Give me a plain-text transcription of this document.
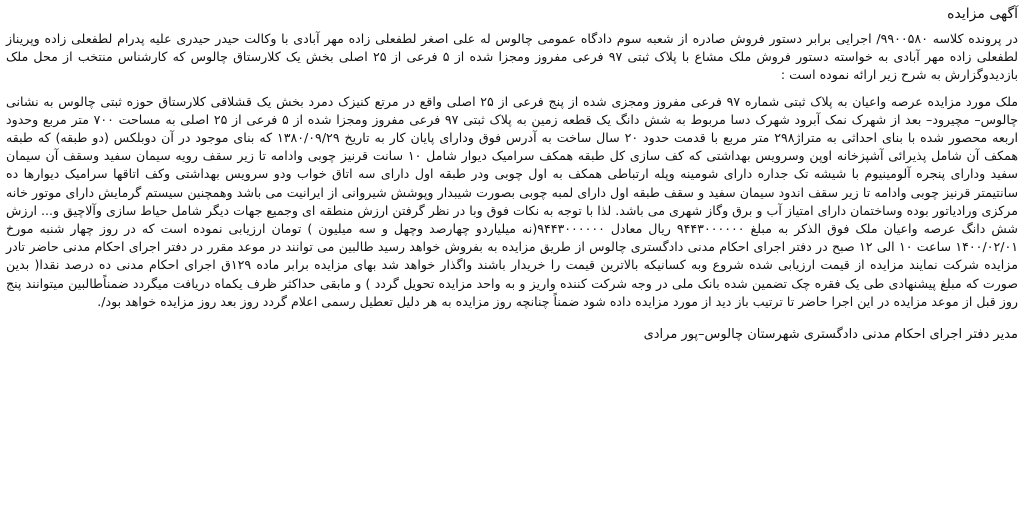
آگهی مزایده

در پرونده کلاسه ۹۹۰۰۵۸۰/ اجرایی برابر دستور فروش صادره از شعبه سوم دادگاه عمومی چالوس له علی اصغر لطفعلی زاده مهر آبادی با وکالت حیدر حیدری علیه پدرام لطفعلی زاده وپریناز لطفعلی زاده مهر آبادی به خواسته دستور فروش ملک مشاع با پلاک ثبتی ۹۷ فرعی مفروز ومجزا شده از ۵ فرعی از ۲۵ اصلی بخش یک کلارستاق چالوس که کارشناس منتخب از محل ملک بازدیدوگزارش به شرح زیر ارائه نموده است :

ملک مورد مزایده عرصه واعیان به پلاک ثبتی شماره ۹۷ فرعی مفروز ومجزی شده از پنج فرعی از ۲۵ اصلی واقع در مرتع کنیزک دمرد بخش یک قشلاقی کلارستاق حوزه ثبتی چالوس به نشانی چالوس– مچیرود– بعد از شهرک نمک آبرود شهرک دسا مربوط به شش دانگ یک قطعه زمین به پلاک ثبتی ۹۷ فرعی مفروز ومجزا شده از ۵ فرعی از ۲۵ اصلی به مساحت ۷۰۰ متر مربع وحدود اربعه محصور شده با بنای احداثی به متراژ۲۹۸ متر مربع با قدمت حدود ۲۰ سال ساخت به آدرس فوق ودارای پایان کار به تاریخ ۱۳۸۰/۰۹/۲۹ که بنای موجود در آن دوبلکس (دو طبقه) که طبقه همکف آن شامل پذیرائی آشپزخانه اوپن وسرویس بهداشتی که کف سازی کل طبقه همکف سرامیک دیوار شامل ۱۰ سانت قرنیز چوبی وادامه تا زیر سقف رویه سیمان سفید وسقف آن سیمان سفید ودارای پنجره آلومینیوم با شیشه تک جداره دارای شومینه وپله ارتباطی همکف به اول چوبی ودر طبقه اول دارای سه اتاق خواب ودو سرویس بهداشتی وکف اتاقها سرامیک دیوارها ده سانتیمتر قرنیز چوبی وادامه تا زیر سقف اندود سیمان سفید و سقف طبقه اول دارای لمبه چوبی بصورت شیبدار وپوشش شیروانی از ایرانیت می باشد وهمچنین سیستم گرمایش دارای موتور خانه مرکزی ورادیاتور بوده وساختمان دارای امتیاز آب و برق وگاز شهری می باشد. لذا با توجه به نکات فوق وبا در نظر گرفتن ارزش منطقه ای وجمیع جهات دیگر شامل حیاط سازی وآلاچیق و... ارزش شش دانگ عرصه واعیان ملک فوق الذکر به مبلغ ۹۴۴۳۰۰۰۰۰۰ ریال معادل ۹۴۴۳۰۰۰۰۰۰(نه میلیاردو چهارصد وچهل و سه میلیون ) تومان ارزیابی نموده است که در روز چهار شنبه مورخ ۱۴۰۰/۰۲/۰۱ ساعت ۱۰ الی ۱۲ صبح در دفتر اجرای احکام مدنی دادگستری چالوس از طریق مزایده به بفروش خواهد رسید طالبین می توانند در موعد مقرر در دفتر اجرای احکام مدنی حاضر تادر مزایده شرکت نمایند مزایده از قیمت ارزیابی شده شروع وبه کسانیکه بالاترین قیمت را خریدار باشند واگذار خواهد شد بهای مزایده برابر ماده ۱۲۹ق اجرای احکام مدنی ده درصد نقدا( بدین صورت که مبلغ پیشنهادی طی یک فقره چک تضمین شده بانک ملی در وجه شرکت کننده واریز و به واحد مزایده تحویل گردد ) و مابقی حداکثر ظرف یکماه دریافت میگردد ضمناًطالبین میتوانند پنج روز قبل از موعد مزایده در این اجرا حاضر تا ترتیب باز دید از مورد مزایده داده شود ضمناً چنانچه روز مزایده به هر دلیل تعطیل رسمی اعلام گردد روز بعد روز مزایده خواهد بود/.

مدیر دفتر اجرای احکام مدنی دادگستری شهرستان چالوس–پور مرادی
